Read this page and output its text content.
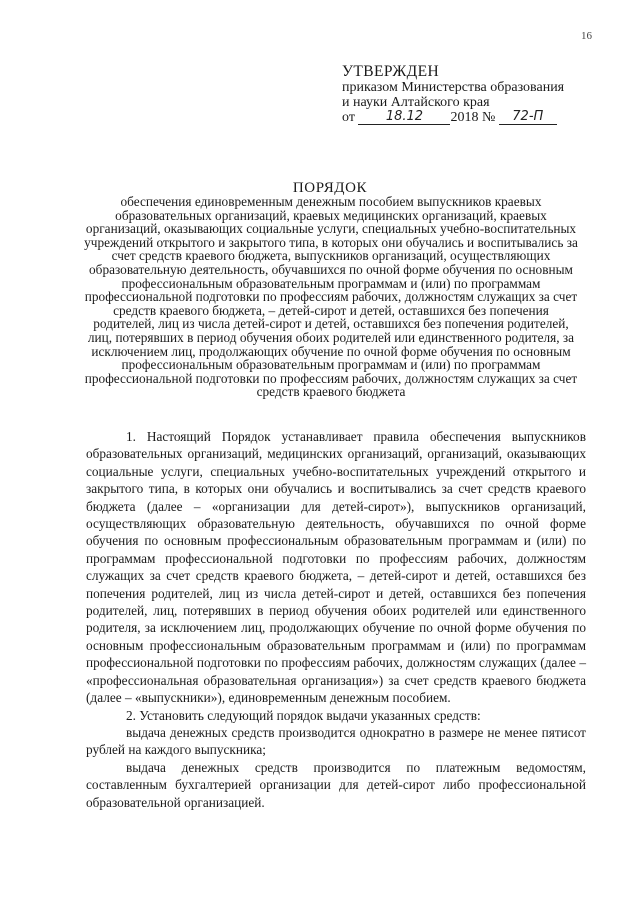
16
УТВЕРЖДЕН
приказом Министерства образования
и науки Алтайского края
от 18.12 2018 № 72-П
ПОРЯДОК
обеспечения единовременным денежным пособием выпускников краевых образовательных организаций, краевых медицинских организаций, краевых организаций, оказывающих социальные услуги, специальных учебно-воспитательных учреждений открытого и закрытого типа, в которых они обучались и воспитывались за счет средств краевого бюджета, выпускников организаций, осуществляющих образовательную деятельность, обучавшихся по очной форме обучения по основным профессиональным образовательным программам и (или) по программам профессиональной подготовки по профессиям рабочих, должностям служащих за счет средств краевого бюджета, – детей-сирот и детей, оставшихся без попечения родителей, лиц из числа детей-сирот и детей, оставшихся без попечения родителей, лиц, потерявших в период обучения обоих родителей или единственного родителя, за исключением лиц, продолжающих обучение по очной форме обучения по основным профессиональным образовательным программам и (или) по программам профессиональной подготовки по профессиям рабочих, должностям служащих за счет средств краевого бюджета

1. Настоящий Порядок устанавливает правила обеспечения выпускников образовательных организаций, медицинских организаций, организаций, оказывающих социальные услуги, специальных учебно-воспитательных учреждений открытого и закрытого типа, в которых они обучались и воспитывались за счет средств краевого бюджета (далее – «организации для детей-сирот»), выпускников организаций, осуществляющих образовательную деятельность, обучавшихся по очной форме обучения по основным профессиональным образовательным программам и (или) по программам профессиональной подготовки по профессиям рабочих, должностям служащих за счет средств краевого бюджета, – детей-сирот и детей, оставшихся без попечения родителей, лиц из числа детей-сирот и детей, оставшихся без попечения родителей, лиц, потерявших в период обучения обоих родителей или единственного родителя, за исключением лиц, продолжающих обучение по очной форме обучения по основным профессиональным образовательным программам и (или) по программам профессиональной подготовки по профессиям рабочих, должностям служащих (далее – «профессиональная образовательная организация») за счет средств краевого бюджета (далее – «выпускники»), единовременным денежным пособием.

2. Установить следующий порядок выдачи указанных средств:

выдача денежных средств производится однократно в размере не менее пятисот рублей на каждого выпускника;

выдача денежных средств производится по платежным ведомостям, составленным бухгалтерией организации для детей-сирот либо профессиональной образовательной организацией.
